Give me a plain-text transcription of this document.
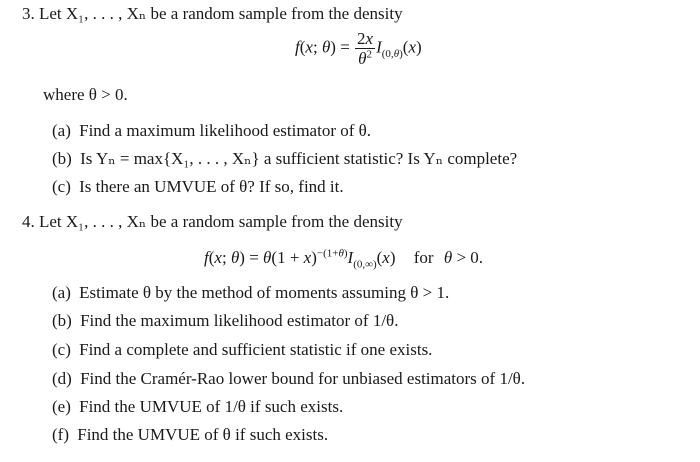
3. Let X₁, . . . , Xₙ be a random sample from the density
f(x; $\theta) = \frac{2x}{\theta^2} I_{(0,\theta)}(x)$
where θ > 0.
(a) Find a maximum likelihood estimator of θ.
(b) Is Yₙ = max{X₁, . . . , Xₙ} a sufficient statistic? Is Yₙ complete?
(c) Is there an UMVUE of θ? If so, find it.
4. Let X₁, . . . , Xₙ be a random sample from the density
f(x; $\theta) = \theta(1 + x)^{-(1+\theta)}I_{(0,\infty)}(x)$ for θ > 0.
(a) Estimate θ by the method of moments assuming θ > 1.
(b) Find the maximum likelihood estimator of 1/θ.
(c) Find a complete and sufficient statistic if one exists.
(d) Find the Cramér-Rao lower bound for unbiased estimators of 1/θ.
(e) Find the UMVUE of 1/θ if such exists.
(f) Find the UMVUE of θ if such exists.
